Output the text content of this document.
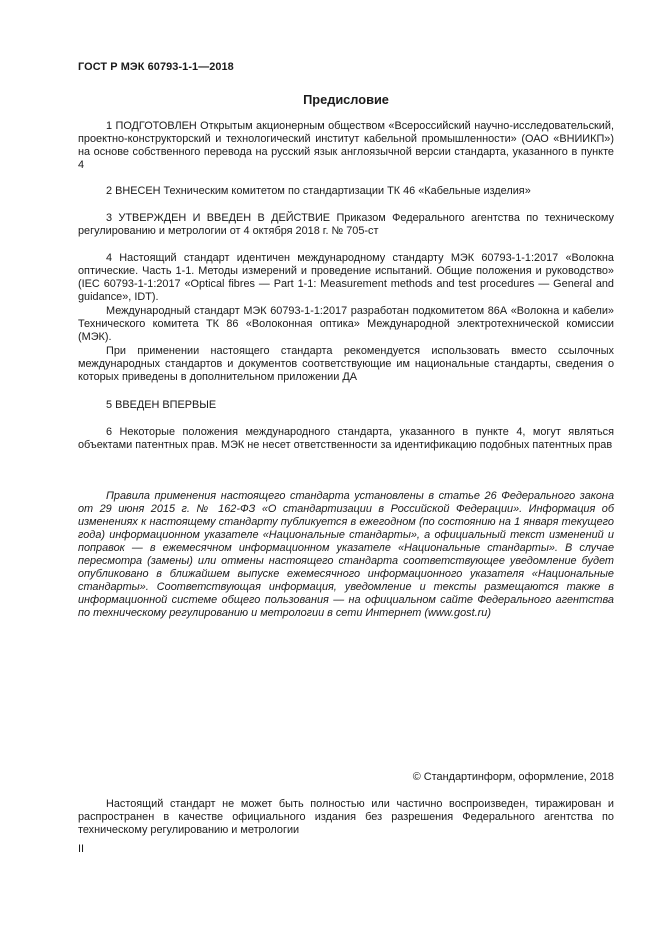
ГОСТ Р МЭК 60793-1-1—2018
Предисловие

1 ПОДГОТОВЛЕН Открытым акционерным обществом «Всероссийский научно-исследовательский, проектно-конструкторский и технологический институт кабельной промышленности» (ОАО «ВНИИКП») на основе собственного перевода на русский язык англоязычной версии стандарта, указанного в пункте 4

2 ВНЕСЕН Техническим комитетом по стандартизации ТК 46 «Кабельные изделия»

3 УТВЕРЖДЕН И ВВЕДЕН В ДЕЙСТВИЕ Приказом Федерального агентства по техническому регулированию и метрологии от 4 октября 2018 г. № 705-ст

4 Настоящий стандарт идентичен международному стандарту МЭК 60793-1-1:2017 «Волокна оптические. Часть 1-1. Методы измерений и проведение испытаний. Общие положения и руководство» (IEC 60793-1-1:2017 «Optical fibres — Part 1-1: Measurement methods and test procedures — General and guidance», IDT).

Международный стандарт МЭК 60793-1-1:2017 разработан подкомитетом 86А «Волокна и кабели» Технического комитета ТК 86 «Волоконная оптика» Международной электротехнической комиссии (МЭК).

При применении настоящего стандарта рекомендуется использовать вместо ссылочных международных стандартов и документов соответствующие им национальные стандарты, сведения о которых приведены в дополнительном приложении ДА

5 ВВЕДЕН ВПЕРВЫЕ

6 Некоторые положения международного стандарта, указанного в пункте 4, могут являться объектами патентных прав. МЭК не несет ответственности за идентификацию подобных патентных прав

Правила применения настоящего стандарта установлены в статье 26 Федерального закона от 29 июня 2015 г. № 162-ФЗ «О стандартизации в Российской Федерации». Информация об изменениях к настоящему стандарту публикуется в ежегодном (по состоянию на 1 января текущего года) информационном указателе «Национальные стандарты», а официальный текст изменений и поправок — в ежемесячном информационном указателе «Национальные стандарты». В случае пересмотра (замены) или отмены настоящего стандарта соответствующее уведомление будет опубликовано в ближайшем выпуске ежемесячного информационного указателя «Национальные стандарты». Соответствующая информация, уведомление и тексты размещаются также в информационной системе общего пользования — на официальном сайте Федерального агентства по техническому регулированию и метрологии в сети Интернет (www.gost.ru)

© Стандартинформ, оформление, 2018

Настоящий стандарт не может быть полностью или частично воспроизведен, тиражирован и распространен в качестве официального издания без разрешения Федерального агентства по техническому регулированию и метрологии

II
